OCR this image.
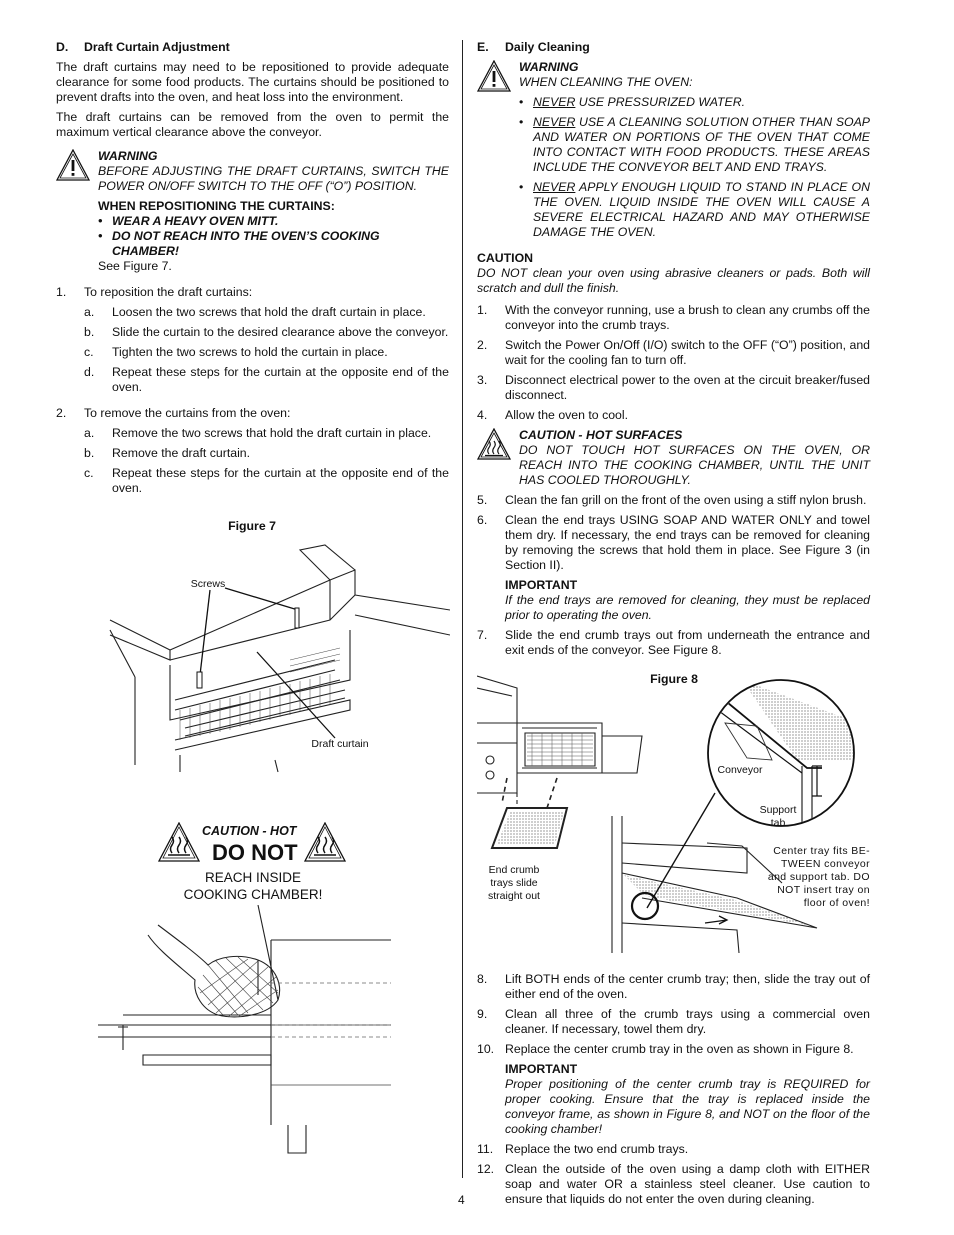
D. Draft Curtain Adjustment

The draft curtains may need to be repositioned to provide adequate clearance for some food products. The curtains should be positioned to prevent drafts into the oven, and heat loss into the environment.

The draft curtains can be removed from the oven to permit the maximum vertical clearance above the conveyor.

WARNING
BEFORE ADJUSTING THE DRAFT CURTAINS, SWITCH THE POWER ON/OFF SWITCH TO THE OFF (“O”) POSITION.
WHEN REPOSITIONING THE CURTAINS:
• WEAR A HEAVY OVEN MITT.
• DO NOT REACH INTO THE OVEN’S COOKING CHAMBER!
See Figure 7.
1. To reposition the draft curtains:
a. Loosen the two screws that hold the draft curtain in place.
b. Slide the curtain to the desired clearance above the conveyor.
c. Tighten the two screws to hold the curtain in place.
d. Repeat these steps for the curtain at the opposite end of the oven.
2. To remove the curtains from the oven:
a. Remove the two screws that hold the draft curtain in place.
b. Remove the draft curtain.
c. Repeat these steps for the curtain at the opposite end of the oven.
Figure 7
Screws
Draft curtain
CAUTION - HOT
DO NOT
REACH INSIDE
COOKING CHAMBER!
E. Daily Cleaning
WARNING
WHEN CLEANING THE OVEN:
• NEVER USE PRESSURIZED WATER.
• NEVER USE A CLEANING SOLUTION OTHER THAN SOAP AND WATER ON PORTIONS OF THE OVEN THAT COME INTO CONTACT WITH FOOD PRODUCTS. THESE AREAS INCLUDE THE CONVEYOR BELT AND END TRAYS.
• NEVER APPLY ENOUGH LIQUID TO STAND IN PLACE ON THE OVEN. LIQUID INSIDE THE OVEN WILL CAUSE A SEVERE ELECTRICAL HAZARD AND MAY OTHERWISE DAMAGE THE OVEN.
CAUTION

DO NOT clean your oven using abrasive cleaners or pads. Both will scratch and dull the finish.

1. With the conveyor running, use a brush to clean any crumbs off the conveyor into the crumb trays.
2. Switch the Power On/Off (I/O) switch to the OFF (“O”) position, and wait for the cooling fan to turn off.
3. Disconnect electrical power to the oven at the circuit breaker/fused disconnect.
4. Allow the oven to cool.
CAUTION - HOT SURFACES
DO NOT TOUCH HOT SURFACES ON THE OVEN, OR REACH INTO THE COOKING CHAMBER, UNTIL THE UNIT HAS COOLED THOROUGHLY.
5. Clean the fan grill on the front of the oven using a stiff nylon brush.
6. Clean the end trays USING SOAP AND WATER ONLY and towel them dry. If necessary, the end trays can be removed for cleaning by removing the screws that hold them in place. See Figure 3 (in Section II).
IMPORTANT
If the end trays are removed for cleaning, they must be replaced prior to operating the oven.
7. Slide the end crumb trays out from underneath the entrance and exit ends of the conveyor. See Figure 8.
Figure 8
Conveyor
Support tab
End crumb trays slide straight out
Center tray fits BE-TWEEN conveyor and support tab. DO NOT insert tray on floor of oven!
8. Lift BOTH ends of the center crumb tray; then, slide the tray out of either end of the oven.
9. Clean all three of the crumb trays using a commercial oven cleaner. If necessary, towel them dry.
10. Replace the center crumb tray in the oven as shown in Figure 8.
IMPORTANT
Proper positioning of the center crumb tray is REQUIRED for proper cooking. Ensure that the tray is replaced inside the conveyor frame, as shown in Figure 8, and NOT on the floor of the cooking chamber!
11. Replace the two end crumb trays.
12. Clean the outside of the oven using a damp cloth with EITHER soap and water OR a stainless steel cleaner. Use caution to ensure that liquids do not enter the oven during cleaning.
4
